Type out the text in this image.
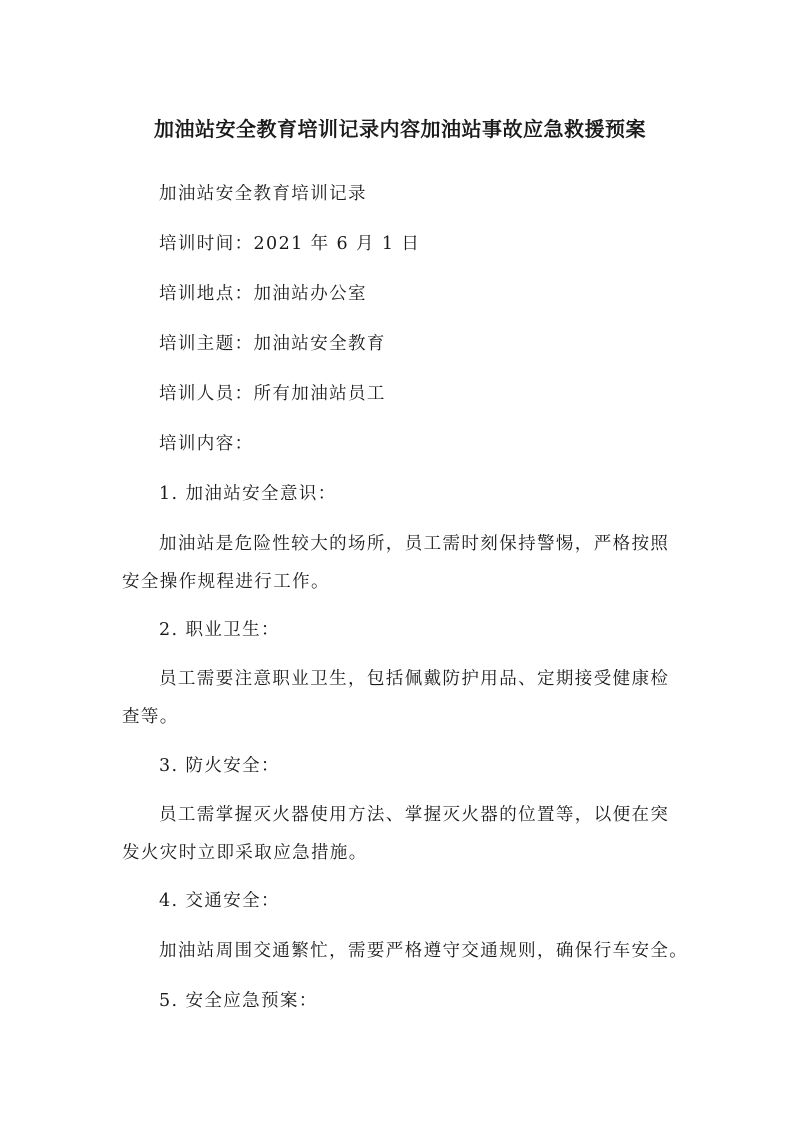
加油站安全教育培训记录内容加油站事故应急救援预案
加油站安全教育培训记录
培训时间：2021 年 6 月 1 日
培训地点：加油站办公室
培训主题：加油站安全教育
培训人员：所有加油站员工
培训内容：
1. 加油站安全意识：
加油站是危险性较大的场所，员工需时刻保持警惕，严格按照安全操作规程进行工作。
2. 职业卫生：
员工需要注意职业卫生，包括佩戴防护用品、定期接受健康检查等。
3. 防火安全：
员工需掌握灭火器使用方法、掌握灭火器的位置等，以便在突发火灾时立即采取应急措施。
4. 交通安全：
加油站周围交通繁忙，需要严格遵守交通规则，确保行车安全。
5. 安全应急预案：
